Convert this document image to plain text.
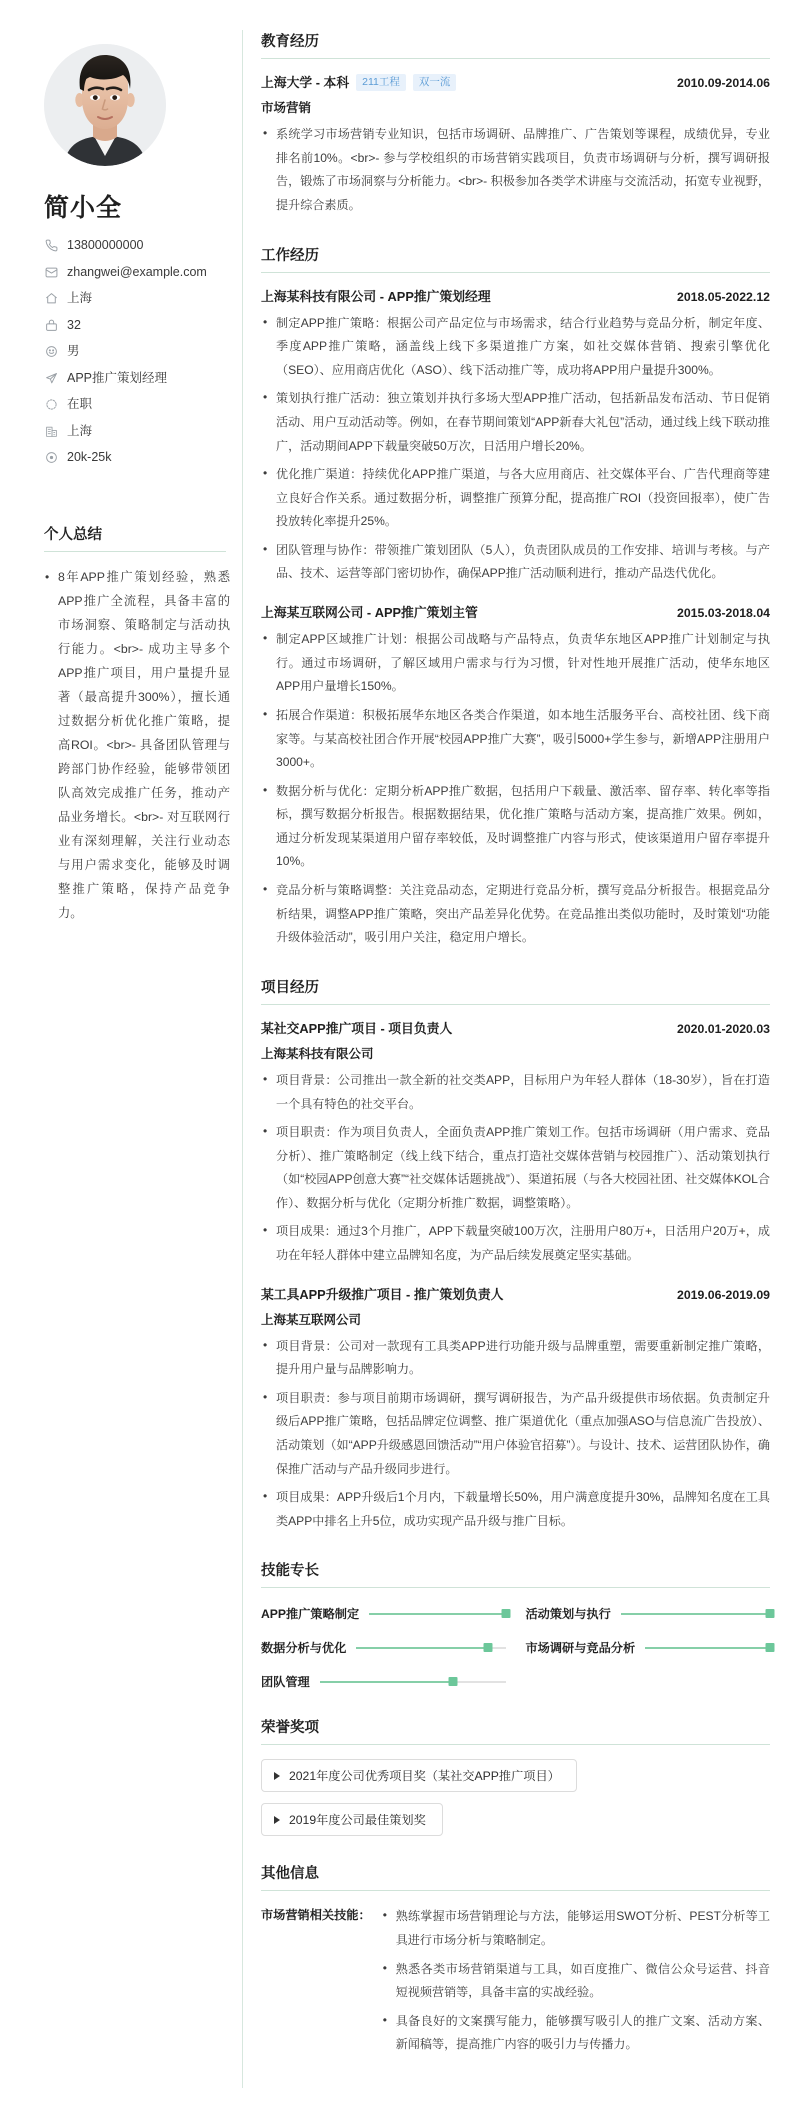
简小全
13800000000
zhangwei@example.com
上海
32
男
APP推广策划经理
在职
上海
20k-25k
个人总结
• 8年APP推广策划经验，熟悉APP推广全流程，具备丰富的市场洞察、策略制定与活动执行能力。<br>- 成功主导多个APP推广项目，用户量提升显著（最高提升300%），擅长通过数据分析优化推广策略，提高ROI。<br>- 具备团队管理与跨部门协作经验，能够带领团队高效完成推广任务，推动产品业务增长。<br>- 对互联网行业有深刻理解，关注行业动态与用户需求变化，能够及时调整推广策略，保持产品竞争力。
教育经历
上海大学 - 本科	211工程	双一流	2010.09-2014.06
市场营销
• 系统学习市场营销专业知识，包括市场调研、品牌推广、广告策划等课程，成绩优异，专业排名前10%。<br>- 参与学校组织的市场营销实践项目，负责市场调研与分析，撰写调研报告，锻炼了市场洞察与分析能力。<br>- 积极参加各类学术讲座与交流活动，拓宽专业视野，提升综合素质。
工作经历
上海某科技有限公司 - APP推广策划经理	2018.05-2022.12
• 制定APP推广策略：根据公司产品定位与市场需求，结合行业趋势与竞品分析，制定年度、季度APP推广策略，涵盖线上线下多渠道推广方案，如社交媒体营销、搜索引擎优化（SEO）、应用商店优化（ASO）、线下活动推广等，成功将APP用户量提升300%。
• 策划执行推广活动：独立策划并执行多场大型APP推广活动，包括新品发布活动、节日促销活动、用户互动活动等。例如，在春节期间策划“APP新春大礼包”活动，通过线上线下联动推广，活动期间APP下载量突破50万次，日活用户增长20%。
• 优化推广渠道：持续优化APP推广渠道，与各大应用商店、社交媒体平台、广告代理商等建立良好合作关系。通过数据分析，调整推广预算分配，提高推广ROI（投资回报率），使广告投放转化率提升25%。
• 团队管理与协作：带领推广策划团队（5人），负责团队成员的工作安排、培训与考核。与产品、技术、运营等部门密切协作，确保APP推广活动顺利进行，推动产品迭代优化。
上海某互联网公司 - APP推广策划主管	2015.03-2018.04
• 制定APP区域推广计划：根据公司战略与产品特点，负责华东地区APP推广计划制定与执行。通过市场调研，了解区域用户需求与行为习惯，针对性地开展推广活动，使华东地区APP用户量增长150%。
• 拓展合作渠道：积极拓展华东地区各类合作渠道，如本地生活服务平台、高校社团、线下商家等。与某高校社团合作开展“校园APP推广大赛”，吸引5000+学生参与，新增APP注册用户3000+。
• 数据分析与优化：定期分析APP推广数据，包括用户下载量、激活率、留存率、转化率等指标，撰写数据分析报告。根据数据结果，优化推广策略与活动方案，提高推广效果。例如，通过分析发现某渠道用户留存率较低，及时调整推广内容与形式，使该渠道用户留存率提升10%。
• 竞品分析与策略调整：关注竞品动态，定期进行竞品分析，撰写竞品分析报告。根据竞品分析结果，调整APP推广策略，突出产品差异化优势。在竞品推出类似功能时，及时策划“功能升级体验活动”，吸引用户关注，稳定用户增长。
项目经历
某社交APP推广项目 - 项目负责人	2020.01-2020.03
上海某科技有限公司
• 项目背景：公司推出一款全新的社交类APP，目标用户为年轻人群体（18-30岁），旨在打造一个具有特色的社交平台。
• 项目职责：作为项目负责人，全面负责APP推广策划工作。包括市场调研（用户需求、竞品分析）、推广策略制定（线上线下结合，重点打造社交媒体营销与校园推广）、活动策划执行（如“校园APP创意大赛”“社交媒体话题挑战”）、渠道拓展（与各大校园社团、社交媒体KOL合作）、数据分析与优化（定期分析推广数据，调整策略）。
• 项目成果：通过3个月推广，APP下载量突破100万次，注册用户80万+，日活用户20万+，成功在年轻人群体中建立品牌知名度，为产品后续发展奠定坚实基础。
某工具APP升级推广项目 - 推广策划负责人	2019.06-2019.09
上海某互联网公司
• 项目背景：公司对一款现有工具类APP进行功能升级与品牌重塑，需要重新制定推广策略，提升用户量与品牌影响力。
• 项目职责：参与项目前期市场调研，撰写调研报告，为产品升级提供市场依据。负责制定升级后APP推广策略，包括品牌定位调整、推广渠道优化（重点加强ASO与信息流广告投放）、活动策划（如“APP升级感恩回馈活动”“用户体验官招募”）。与设计、技术、运营团队协作，确保推广活动与产品升级同步进行。
• 项目成果：APP升级后1个月内，下载量增长50%，用户满意度提升30%，品牌知名度在工具类APP中排名上升5位，成功实现产品升级与推广目标。
技能专长
APP推广策略制定	活动策划与执行
数据分析与优化	市场调研与竞品分析
团队管理
荣誉奖项
2021年度公司优秀项目奖（某社交APP推广项目）
2019年度公司最佳策划奖
其他信息
市场营销相关技能：	• 熟练掌握市场营销理论与方法，能够运用SWOT分析、PEST分析等工具进行市场分析与策略制定。
• 熟悉各类市场营销渠道与工具，如百度推广、微信公众号运营、抖音短视频营销等，具备丰富的实战经验。
• 具备良好的文案撰写能力，能够撰写吸引人的推广文案、活动方案、新闻稿等，提高推广内容的吸引力与传播力。
